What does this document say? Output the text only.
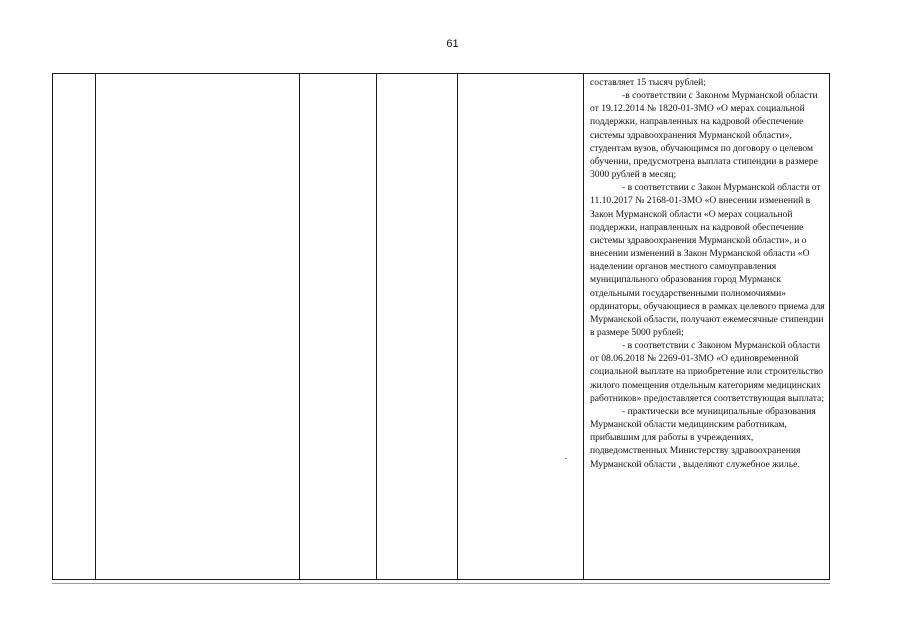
61

составляет 15 тысяч рублей;

-в соответствии с Законом Мурманской области от 19.12.2014 № 1820-01-ЗМО «О мерах социальной поддержки, направленных на кадровой обеспечение системы здравоохранения Мурманской области», студентам вузов, обучающимся по договору о целевом обучении, предусмотрена выплата стипендии в размере 3000 рублей в месяц;

- в соответствии с Закон Мурманской области от 11.10.2017 № 2168-01-ЗМО «О внесении изменений в Закон Мурманской области «О мерах социальной поддержки, направленных на кадровой обеспечение системы здравоохранения Мурманской области», и о внесении изменений в Закон Мурманской области «О наделении органов местного самоуправления муниципального образования город Мурманск отдельными государственными полномочиями» ординаторы, обучающиеся в рамках целевого приема для Мурманской области, получают ежемесячные стипендии в размере 5000 рублей;

- в соответствии с Законом Мурманской области от 08.06.2018 № 2269-01-ЗМО «О единовременной социальной выплате на приобретение или строительство жилого помещения отдельным категориям медицинских работников» предоставляется соответствующая выплата;

- практически все муниципальные образования Мурманской области медицинским работникам, прибывшим для работы в учреждениях, подведомственных Министерству здравоохранения Мурманской области , выделяют служебное жилье.
